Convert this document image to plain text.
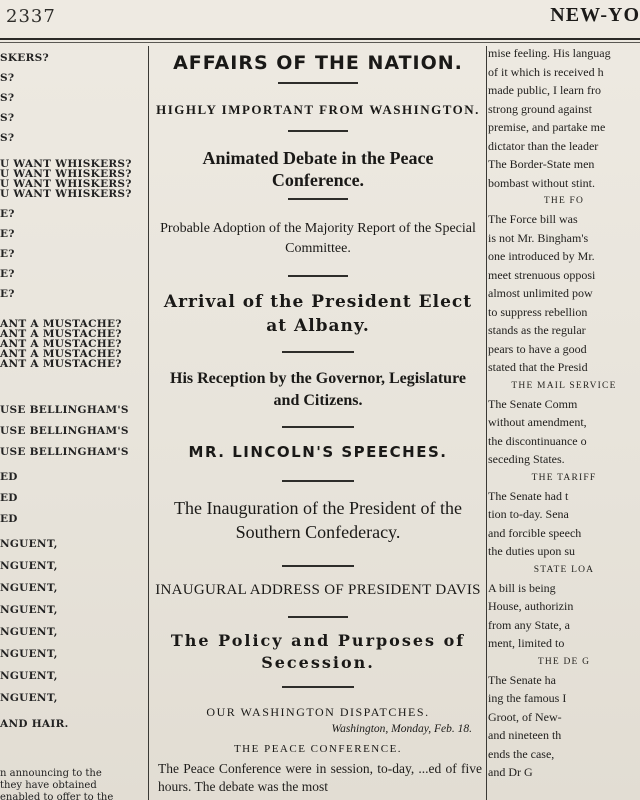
2337	NEW-YO
SKERS?
S?
S?
S?
S?
U WANT WHISKERS?
U WANT WHISKERS?
U WANT WHISKERS?
U WANT WHISKERS?
E?
E?
E?
E?
E?
ANT A MUSTACHE?
ANT A MUSTACHE?
ANT A MUSTACHE?
ANT A MUSTACHE?
ANT A MUSTACHE?
USE BELLINGHAM'S
USE BELLINGHAM'S
USE BELLINGHAM'S
ED
ED
ED
NGUENT,
NGUENT,
NGUENT,
NGUENT,
NGUENT,
NGUENT,
NGUENT,
NGUENT,
AND HAIR.
n announcing to the
they have obtained
enabled to offer to the
AFFAIRS OF THE NATION.
HIGHLY IMPORTANT FROM WASHINGTON.
Animated Debate in the Peace Conference.
Probable Adoption of the Majority Report of the Special Committee.
Arrival of the President Elect at Albany.
His Reception by the Governor, Legislature and Citizens.
MR. LINCOLN'S SPEECHES.
The Inauguration of the President of the Southern Confederacy.
INAUGURAL ADDRESS OF PRESIDENT DAVIS
The Policy and Purposes of Secession.
OUR WASHINGTON DISPATCHES.
Washington, Monday, Feb. 18.
THE PEACE CONFERENCE.
The Peace Conference were in session, to-day, ...ed of five hours. The debate was the most
mise feeling. His languag
of it which is received h
made public, I learn fro
strong ground against
premise, and partake me
dictator than the leader
The Border-State men
bombast without stint.
THE FO
The Force bill was
is not Mr. Bingham's
one introduced by Mr.
meet strenuous opposi
almost unlimited pow
to suppress rebellion
stands as the regular
pears to have a good
stated that the Presid
THE MAIL SERVICE
The Senate Comm
without amendment,
the discontinuance o
seceding States.
THE TARIFF
The Senate had t
tion to-day. Sena
and forcible speech
the duties upon su
STATE LOA
A bill is being
House, authorizin
from any State, a
ment, limited to
THE DE G
The Senate ha
ing the famous I
Groot, of New-
and nineteen th
ends the case,
and Dr G
